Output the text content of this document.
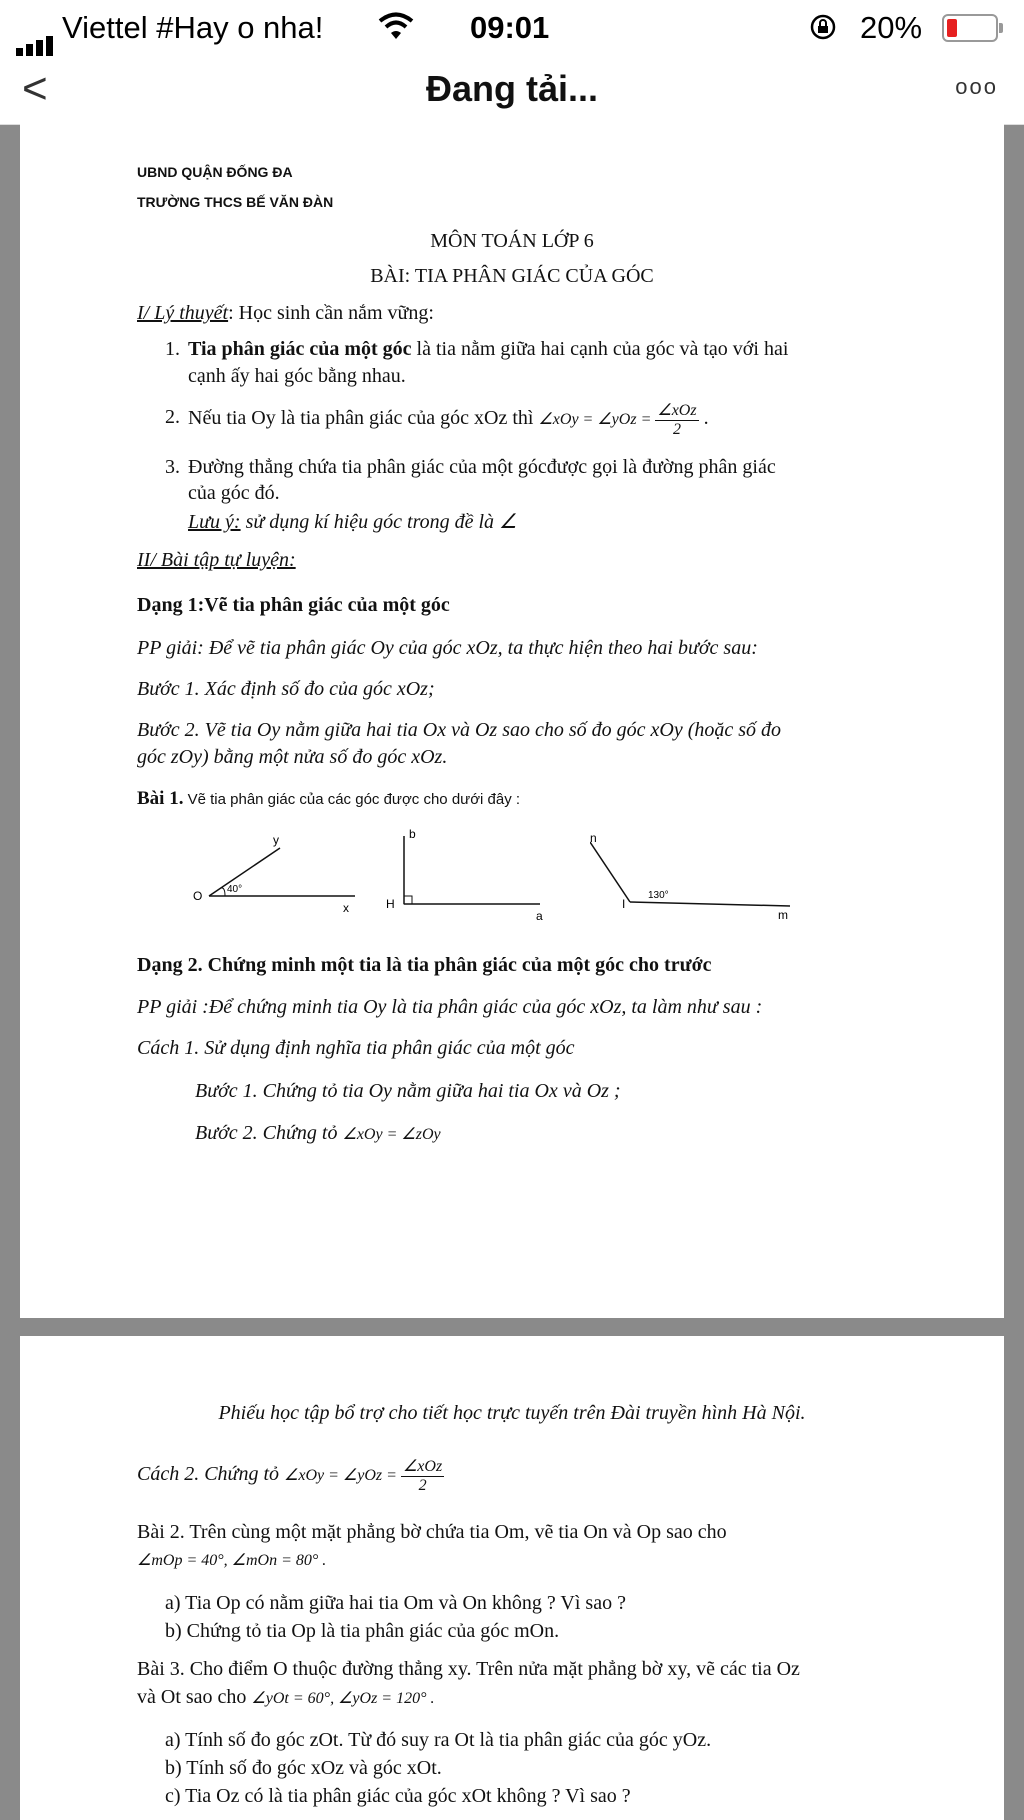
Viettel #Hay o nha!	09:01	20%
<	Đang tải...	ooo
UBND QUẬN ĐỐNG ĐA
TRƯỜNG THCS BẾ VĂN ĐÀN
MÔN TOÁN LỚP 6
BÀI: TIA PHÂN GIÁC CỦA GÓC
I/ Lý thuyết: Học sinh cần nắm vững:
1. Tia phân giác của một góc là tia nằm giữa hai cạnh của góc và tạo với hai
cạnh ấy hai góc bằng nhau.
2. Nếu tia Oy là tia phân giác của góc xOz thì ∠xOy = ∠yOz = $\frac{\text{∠xOz}}{2}$ .
3. Đường thẳng chứa tia phân giác của một gócđược gọi là đường phân giác
của góc đó.
Lưu ý: sử dụng kí hiệu góc trong đề là ∠
II/ Bài tập tự luyện:
Dạng 1:Vẽ tia phân giác của một góc
PP giải: Để vẽ tia phân giác Oy của góc xOz, ta thực hiện theo hai bước sau:
Bước 1. Xác định số đo của góc xOz;
Bước 2. Vẽ tia Oy nằm giữa hai tia Ox và Oz sao cho số đo góc xOy (hoặc số đo
góc zOy) bằng một nửa số đo góc xOz.
Bài 1. Vẽ tia phân giác của các góc được cho dưới đây :
y
O 40°
x
b
H
a
n
I
130°
m
Dạng 2. Chứng minh một tia là tia phân giác của một góc cho trước
PP giải :Để chứng minh tia Oy là tia phân giác của góc xOz, ta làm như sau :
Cách 1. Sử dụng định nghĩa tia phân giác của một góc
Bước 1. Chứng tỏ tia Oy nằm giữa hai tia Ox và Oz ;
Bước 2. Chứng tỏ ∠xOy = ∠zOy
Phiếu học tập bổ trợ cho tiết học trực tuyến trên Đài truyền hình Hà Nội.
Cách 2. Chứng tỏ ∠xOy = ∠yOz = $\frac{\text{∠xOz}}{2}$
Bài 2. Trên cùng một mặt phẳng bờ chứa tia Om, vẽ tia On và Op sao cho
∠mOp = 40°, ∠mOn = 80° .
a) Tia Op có nằm giữa hai tia Om và On không ? Vì sao ?
b) Chứng tỏ tia Op là tia phân giác của góc mOn.
Bài 3. Cho điểm O thuộc đường thẳng xy. Trên nửa mặt phẳng bờ xy, vẽ các tia Oz
và Ot sao cho ∠yOt = 60°, ∠yOz = 120° .
a) Tính số đo góc zOt. Từ đó suy ra Ot là tia phân giác của góc yOz.
b) Tính số đo góc xOz và góc xOt.
c) Tia Oz có là tia phân giác của góc xOt không ? Vì sao ?
